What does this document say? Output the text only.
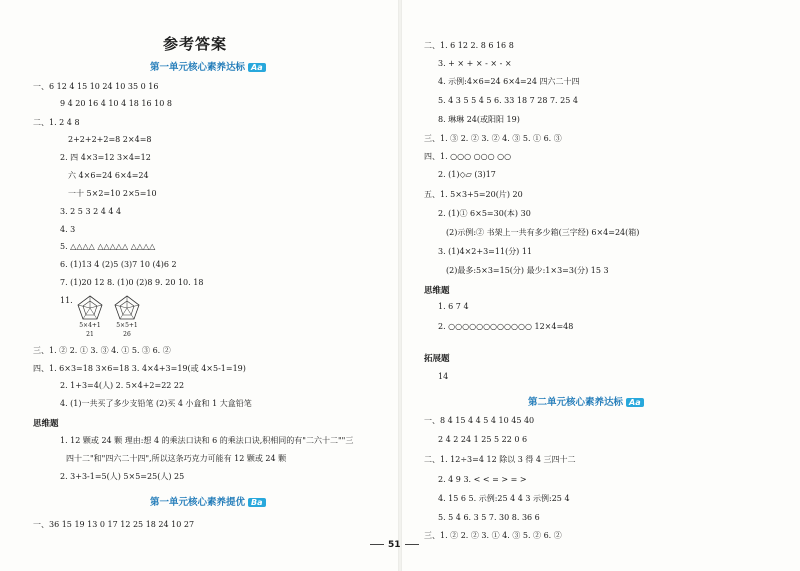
参考答案
第一单元核心素养达标 Aa
一、6 12 4 15 10 24 10 35 0 16
9 4 20 16 4 10 4 18 16 10 8
二、1. 2 4 8
2+2+2+2=8 2×4=8
2. 四 4×3=12 3×4=12
六 4×6=24 6×4=24
一十 5×2=10 2×5=10
3. 2 5 3 2 4 4 4
4. 3
5. △△△△ △△△△△ △△△△
6. (1)13 4 (2)5 (3)7 10 (4)6 2
7. (1)20 12 8. (1)0 (2)8 9. 20 10. 18
11.
5×4+1
21
5×5+1
26
三、1. ② 2. ① 3. ③ 4. ① 5. ③ 6. ②
四、1. 6×3=18 3×6=18 3. 4×4+3=19(或 4×5-1=19)
2. 1+3=4(人) 2. 5×4+2=22 22
4. (1)一共买了多少支铅笔 (2)买 4 小盒和 1 大盒铅笔
思维题
1. 12 颗或 24 颗 理由:想 4 的乘法口诀和 6 的乘法口诀,积相同的有"二六十二""三
四十二"和"四六二十四",所以这条巧克力可能有 12 颗或 24 颗
2. 3+3-1=5(人) 5×5=25(人) 25
第一单元核心素养提优 Ba
一、36 15 19 13 0 17 12 25 18 24 10 27
二、1. 6 12 2. 8 6 16 8
3. + × + × - × - ×
4. 示例:4×6=24 6×4=24 四六二十四
5. 4 3 5 5 4 5 6. 33 18 7 28 7. 25 4
8. 琳琳 24(或阳阳 19)
三、1. ③ 2. ② 3. ② 4. ③ 5. ① 6. ③
四、1. ○○○ ○○○ ○○
2. (1)◇▱ (3)17
五、1. 5×3+5=20(片) 20
2. (1)① 6×5=30(本) 30
(2)示例:② 书架上一共有多少箱(三字经) 6×4=24(箱)
3. (1)4×2+3=11(分) 11
(2)最多:5×3=15(分) 最少:1×3=3(分) 15 3
思维题
1. 6 7 4
2. ○○○○○○○○○○○○ 12×4=48
拓展题
14
第二单元核心素养达标 Aa
一、8 4 15 4 4 5 4 10 45 40
2 4 2 24 1 25 5 22 0 6
二、1. 12÷3=4 12 除以 3 得 4 三四十二
2. 4 9 3. < < = > = >
4. 15 6 5. 示例:25 4 4 3 示例:25 4
5. 5 4 6. 3 5 7. 30 8. 36 6
三、1. ② 2. ② 3. ① 4. ③ 5. ② 6. ②
51
